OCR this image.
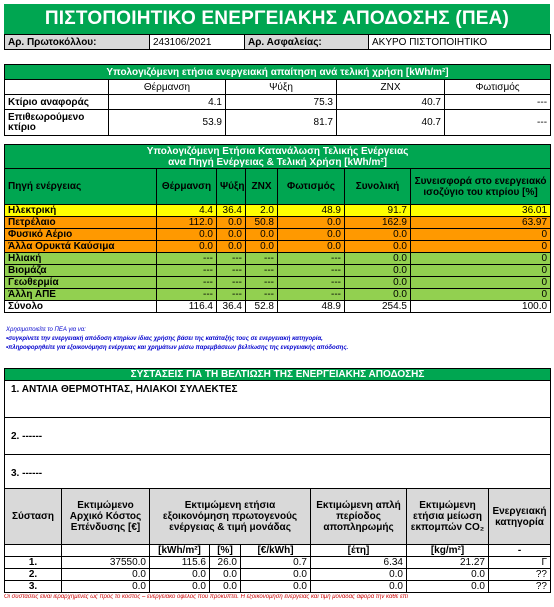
ΠΙΣΤΟΠΟΙΗΤΙΚΟ ΕΝΕΡΓΕΙΑΚΗΣ ΑΠΟΔΟΣΗΣ (ΠΕΑ)
Αρ. Πρωτοκόλλου:	243106/2021	Αρ. Ασφαλείας:	ΑΚΥΡΟ ΠΙΣΤΟΠΟΙΗΤΙΚΟ
Υπολογιζόμενη ετήσια ενεργειακή απαίτηση ανά τελική χρήση [kWh/m²]				
	Θέρμανση	Ψύξη	ΖΝΧ	Φωτισμός
Κτίριο αναφοράς	4.1	75.3	40.7	---
Επιθεωρούμενο κτίριο	53.9	81.7	40.7	---
Υπολογιζόμενη Ετήσια Κατανάλωση Τελικής Ενέργειας
ανα Πηγή Ενέργειας & Τελική Χρήση [kWh/m²]						

Πηγή ενέργειας	Θέρμανση	Ψύξη	ΖΝΧ	Φωτισμός	Συνολική	Συνεισφορά στο ενεργειακό ισοζύγιο του κτιρίου [%]
Ηλεκτρική	4.4	36.4	2.0	48.9	91.7	36.01
Πετρέλαιο	112.0	0.0	50.8	0.0	162.9	63.97
Φυσικό Αέριο	0.0	0.0	0.0	0.0	0.0	0
Άλλα Ορυκτά Καύσιμα	0.0	0.0	0.0	0.0	0.0	0
Ηλιακή	---	---	---	---	0.0	0
Βιομάζα	---	---	---	---	0.0	0
Γεωθερμία	---	---	---	---	0.0	0
Άλλη ΑΠΕ	---	---	---	---	0.0	0
Σύνολο	116.4	36.4	52.8	48.9	254.5	100.0
Χρησιμοποιείτε το ΠΕΑ για να:
•συγκρίνετε την ενεργειακή απόδοση κτηρίων ίδιας χρήσης βάσει της κατάταξής τους σε ενεργειακή κατηγορία,
•πληροφορηθείτε για εξοικονόμηση ενέργειας και χρημάτων μέσω παρεμβάσεων βελτίωσης της ενεργειακής απόδοσης.
ΣΥΣΤΑΣΕΙΣ ΓΙΑ ΤΗ ΒΕΛΤΙΩΣΗ ΤΗΣ ΕΝΕΡΓΕΙΑΚΗΣ ΑΠΟΔΟΣΗΣ
1. ΑΝΤΛΙΑ ΘΕΡΜΟΤΗΤΑΣ, ΗΛΙΑΚΟΙ ΣΥΛΛΕΚΤΕΣ
2. ------
3. ------
Σύσταση	Εκτιμώμενο Αρχικό Κόστος Επένδυσης [€]	Εκτιμώμενη ετήσια εξοικονόμηση πρωτογενούς ενέργειας & τιμή μονάδας			Εκτιμώμενη απλή περίοδος αποπληρωμής	Εκτιμώμενη ετήσια μείωση εκπομπών CO₂	Ενεργειακή κατηγορία

		[kWh/m²]	[%]	[€/kWh]	[έτη]	[kg/m²]	-
1.	37550.0	115.6	26.0	0.7	6.34	21.27	Γ
2.	0.0	0.0	0.0	0.0	0.0	0.0	??
3.	0.0	0.0	0.0	0.0	0.0	0.0	??
Οι συστάσεις είναι ιεραρχημένες ως προς το κόστος – ενεργειακό όφελος που προκύπτει. Η εξοικονόμηση ενέργειας και τιμή μονάδας αφορά την κάθε επί
